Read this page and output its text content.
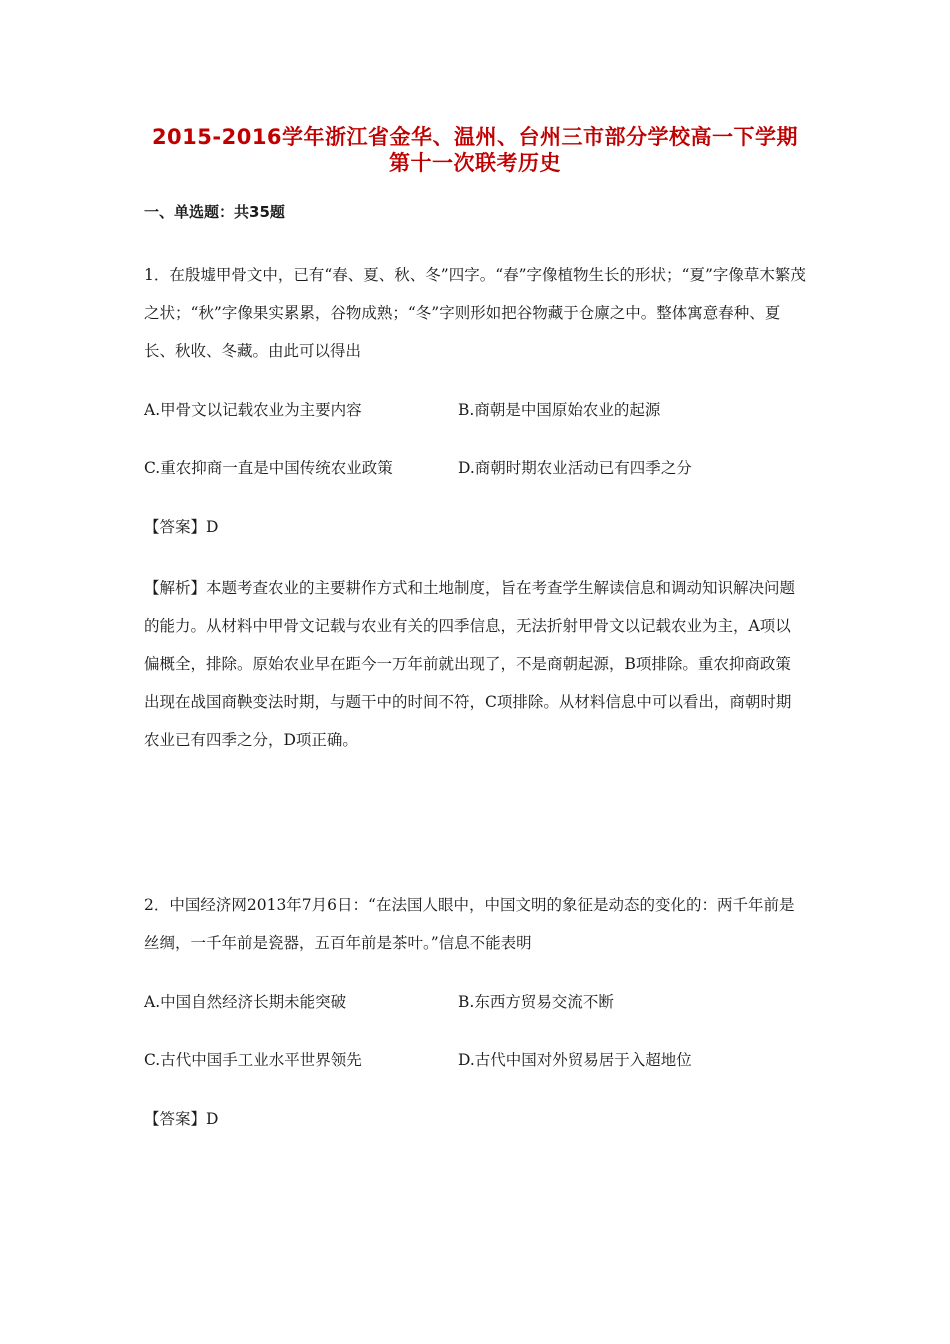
2015-2016学年浙江省金华、温州、台州三市部分学校高一下学期
第十一次联考历史
一、单选题：共35题
1．在殷墟甲骨文中，已有“春、夏、秋、冬”四字。“春”字像植物生长的形状；“夏”字像草木繁茂之状；“秋”字像果实累累，谷物成熟；“冬”字则形如把谷物藏于仓廪之中。整体寓意春种、夏长、秋收、冬藏。由此可以得出
A.甲骨文以记载农业为主要内容	B.商朝是中国原始农业的起源
C.重农抑商一直是中国传统农业政策	D.商朝时期农业活动已有四季之分
【答案】D
【解析】本题考查农业的主要耕作方式和土地制度，旨在考查学生解读信息和调动知识解决问题的能力。从材料中甲骨文记载与农业有关的四季信息，无法折射甲骨文以记载农业为主，A项以偏概全，排除。原始农业早在距今一万年前就出现了，不是商朝起源，B项排除。重农抑商政策出现在战国商鞅变法时期，与题干中的时间不符，C项排除。从材料信息中可以看出，商朝时期农业已有四季之分，D项正确。
2．中国经济网2013年7月6日：“在法国人眼中，中国文明的象征是动态的变化的：两千年前是丝绸，一千年前是瓷器，五百年前是茶叶。”信息不能表明
A.中国自然经济长期未能突破	B.东西方贸易交流不断
C.古代中国手工业水平世界领先	D.古代中国对外贸易居于入超地位
【答案】D
